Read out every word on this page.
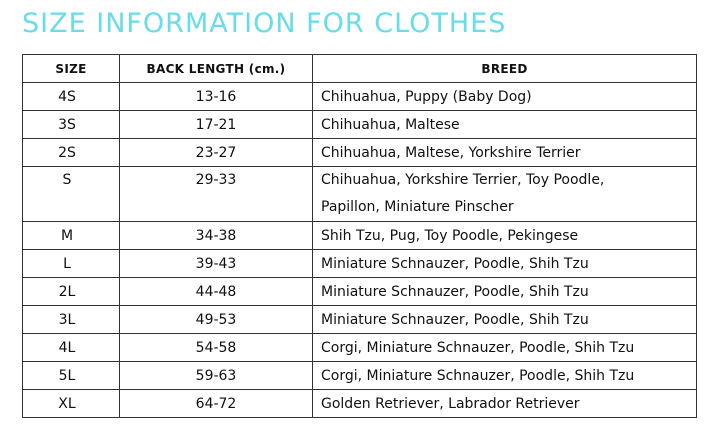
SIZE INFORMATION FOR CLOTHES
SIZE	BACK LENGTH (cm.)	BREED
4S	13-16	Chihuahua, Puppy (Baby Dog)
3S	17-21	Chihuahua, Maltese
2S	23-27	Chihuahua, Maltese, Yorkshire Terrier

S	29-33	Chihuahua, Yorkshire Terrier, Toy Poodle,
Papillon, Miniature Pinscher

M	34-38	Shih Tzu, Pug, Toy Poodle, Pekingese
L	39-43	Miniature Schnauzer, Poodle, Shih Tzu
2L	44-48	Miniature Schnauzer, Poodle, Shih Tzu
3L	49-53	Miniature Schnauzer, Poodle, Shih Tzu
4L	54-58	Corgi, Miniature Schnauzer, Poodle, Shih Tzu
5L	59-63	Corgi, Miniature Schnauzer, Poodle, Shih Tzu
XL	64-72	Golden Retriever, Labrador Retriever
